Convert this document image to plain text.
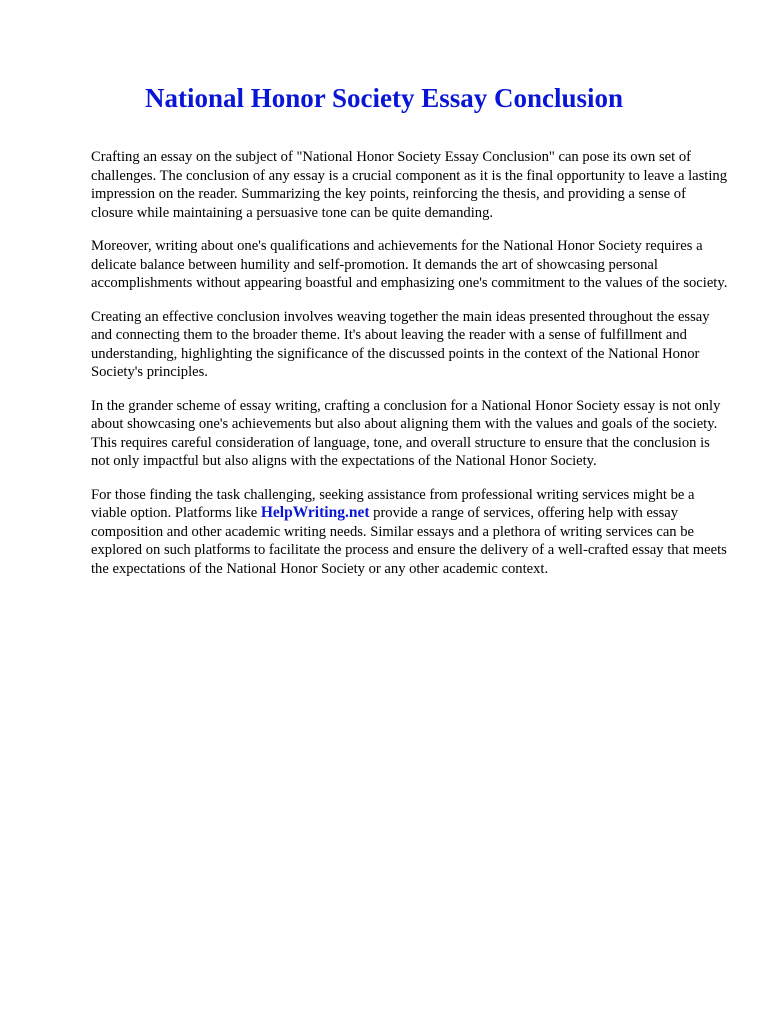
National Honor Society Essay Conclusion

Crafting an essay on the subject of "National Honor Society Essay Conclusion" can pose its own set of challenges. The conclusion of any essay is a crucial component as it is the final opportunity to leave a lasting impression on the reader. Summarizing the key points, reinforcing the thesis, and providing a sense of closure while maintaining a persuasive tone can be quite demanding.

Moreover, writing about one's qualifications and achievements for the National Honor Society requires a delicate balance between humility and self-promotion. It demands the art of showcasing personal accomplishments without appearing boastful and emphasizing one's commitment to the values of the society.

Creating an effective conclusion involves weaving together the main ideas presented throughout the essay and connecting them to the broader theme. It's about leaving the reader with a sense of fulfillment and understanding, highlighting the significance of the discussed points in the context of the National Honor Society's principles.

In the grander scheme of essay writing, crafting a conclusion for a National Honor Society essay is not only about showcasing one's achievements but also about aligning them with the values and goals of the society. This requires careful consideration of language, tone, and overall structure to ensure that the conclusion is not only impactful but also aligns with the expectations of the National Honor Society.

For those finding the task challenging, seeking assistance from professional writing services might be a viable option. Platforms like HelpWriting.net provide a range of services, offering help with essay composition and other academic writing needs. Similar essays and a plethora of writing services can be explored on such platforms to facilitate the process and ensure the delivery of a well-crafted essay that meets the expectations of the National Honor Society or any other academic context.
